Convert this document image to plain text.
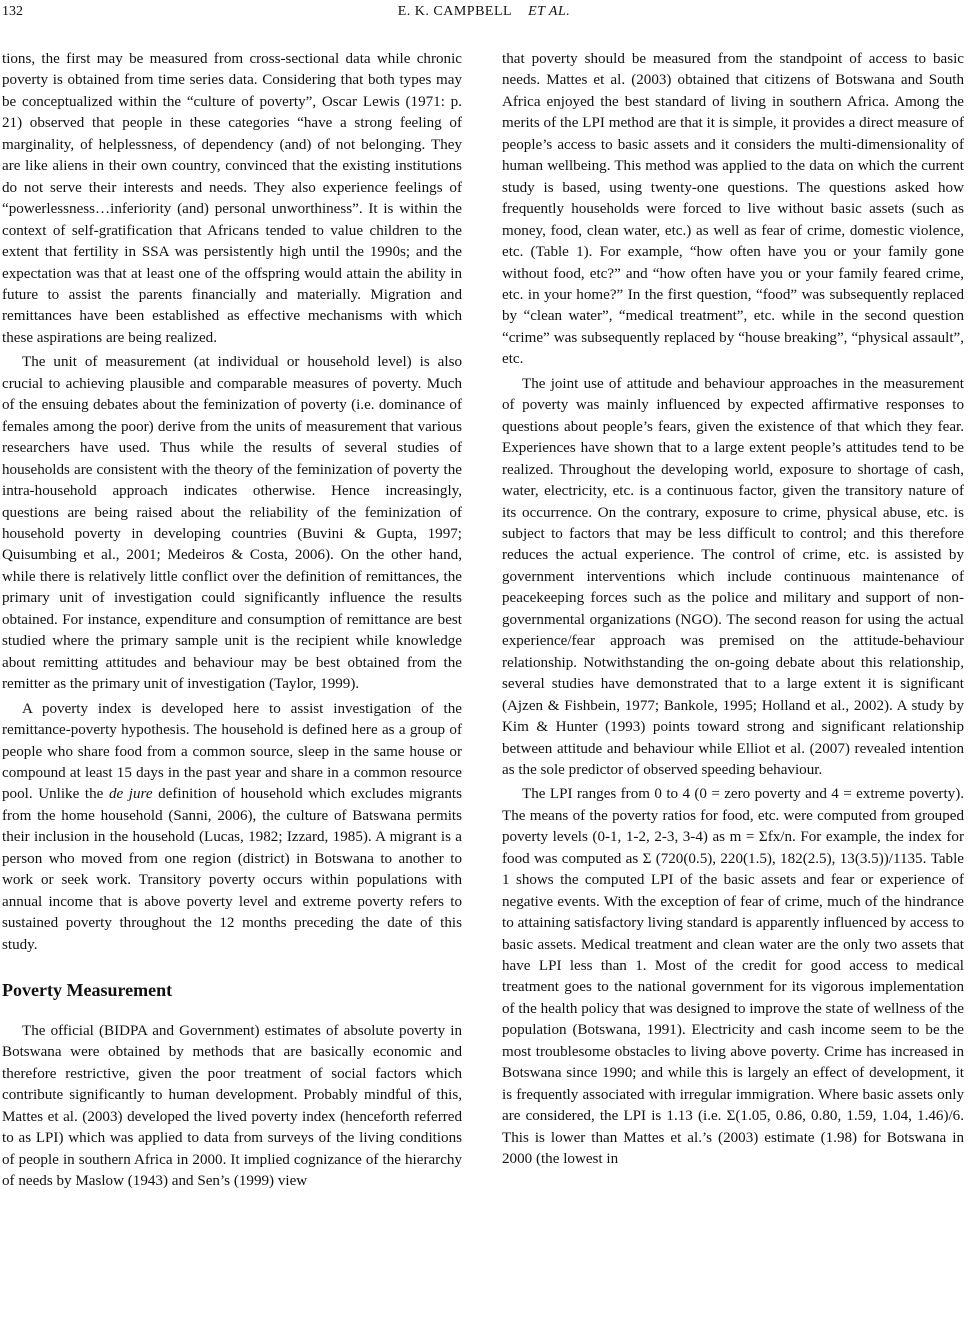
132	E. K. CAMPBELL ET AL.

tions, the first may be measured from cross-sectional data while chronic poverty is obtained from time series data. Considering that both types may be conceptualized within the “culture of poverty”, Oscar Lewis (1971: p. 21) observed that people in these categories “have a strong feeling of marginality, of helplessness, of dependency (and) of not belonging. They are like aliens in their own country, convinced that the existing institutions do not serve their interests and needs. They also experience feelings of “powerlessness…inferiority (and) personal unworthiness”. It is within the context of self-gratification that Africans tended to value children to the extent that fertility in SSA was persistently high until the 1990s; and the expectation was that at least one of the offspring would attain the ability in future to assist the parents financially and materially. Migration and remittances have been established as effective mechanisms with which these aspirations are being realized.

The unit of measurement (at individual or household level) is also crucial to achieving plausible and comparable measures of poverty. Much of the ensuing debates about the feminization of poverty (i.e. dominance of females among the poor) derive from the units of measurement that various researchers have used. Thus while the results of several studies of households are consistent with the theory of the feminization of poverty the intra-household approach indicates otherwise. Hence increasingly, questions are being raised about the reliability of the feminization of household poverty in developing countries (Buvini & Gupta, 1997; Quisumbing et al., 2001; Medeiros & Costa, 2006). On the other hand, while there is relatively little conflict over the definition of remittances, the primary unit of investigation could significantly influence the results obtained. For instance, expenditure and consumption of remittance are best studied where the primary sample unit is the recipient while knowledge about remitting attitudes and behaviour may be best obtained from the remitter as the primary unit of investigation (Taylor, 1999).

A poverty index is developed here to assist investigation of the remittance-poverty hypothesis. The household is defined here as a group of people who share food from a common source, sleep in the same house or compound at least 15 days in the past year and share in a common resource pool. Unlike the de jure definition of household which excludes migrants from the home household (Sanni, 2006), the culture of Batswana permits their inclusion in the household (Lucas, 1982; Izzard, 1985). A migrant is a person who moved from one region (district) in Botswana to another to work or seek work. Transitory poverty occurs within populations with annual income that is above poverty level and extreme poverty refers to sustained poverty throughout the 12 months preceding the date of this study.

Poverty Measurement

The official (BIDPA and Government) estimates of absolute poverty in Botswana were obtained by methods that are basically economic and therefore restrictive, given the poor treatment of social factors which contribute significantly to human development. Probably mindful of this, Mattes et al. (2003) developed the lived poverty index (henceforth referred to as LPI) which was applied to data from surveys of the living conditions of people in southern Africa in 2000. It implied cognizance of the hierarchy of needs by Maslow (1943) and Sen’s (1999) view

that poverty should be measured from the standpoint of access to basic needs. Mattes et al. (2003) obtained that citizens of Botswana and South Africa enjoyed the best standard of living in southern Africa. Among the merits of the LPI method are that it is simple, it provides a direct measure of people’s access to basic assets and it considers the multi-dimensionality of human wellbeing. This method was applied to the data on which the current study is based, using twenty-one questions. The questions asked how frequently households were forced to live without basic assets (such as money, food, clean water, etc.) as well as fear of crime, domestic violence, etc. (Table 1). For example, “how often have you or your family gone without food, etc?” and “how often have you or your family feared crime, etc. in your home?” In the first question, “food” was subsequently replaced by “clean water”, “medical treatment”, etc. while in the second question “crime” was subsequently replaced by “house breaking”, “physical assault”, etc.

The joint use of attitude and behaviour approaches in the measurement of poverty was mainly influenced by expected affirmative responses to questions about people’s fears, given the existence of that which they fear. Experiences have shown that to a large extent people’s attitudes tend to be realized. Throughout the developing world, exposure to shortage of cash, water, electricity, etc. is a continuous factor, given the transitory nature of its occurrence. On the contrary, exposure to crime, physical abuse, etc. is subject to factors that may be less difficult to control; and this therefore reduces the actual experience. The control of crime, etc. is assisted by government interventions which include continuous maintenance of peacekeeping forces such as the police and military and support of non-governmental organizations (NGO). The second reason for using the actual experience/fear approach was premised on the attitude-behaviour relationship. Notwithstanding the on-going debate about this relationship, several studies have demonstrated that to a large extent it is significant (Ajzen & Fishbein, 1977; Bankole, 1995; Holland et al., 2002). A study by Kim & Hunter (1993) points toward strong and significant relationship between attitude and behaviour while Elliot et al. (2007) revealed intention as the sole predictor of observed speeding behaviour.

The LPI ranges from 0 to 4 (0 = zero poverty and 4 = extreme poverty). The means of the poverty ratios for food, etc. were computed from grouped poverty levels (0-1, 1-2, 2-3, 3-4) as m = Σfx/n. For example, the index for food was computed as Σ (720(0.5), 220(1.5), 182(2.5), 13(3.5))/1135. Table 1 shows the computed LPI of the basic assets and fear or experience of negative events. With the exception of fear of crime, much of the hindrance to attaining satisfactory living standard is apparently influenced by access to basic assets. Medical treatment and clean water are the only two assets that have LPI less than 1. Most of the credit for good access to medical treatment goes to the national government for its vigorous implementation of the health policy that was designed to improve the state of wellness of the population (Botswana, 1991). Electricity and cash income seem to be the most troublesome obstacles to living above poverty. Crime has increased in Botswana since 1990; and while this is largely an effect of development, it is frequently associated with irregular immigration. Where basic assets only are considered, the LPI is 1.13 (i.e. Σ(1.05, 0.86, 0.80, 1.59, 1.04, 1.46)/6. This is lower than Mattes et al.’s (2003) estimate (1.98) for Botswana in 2000 (the lowest in
